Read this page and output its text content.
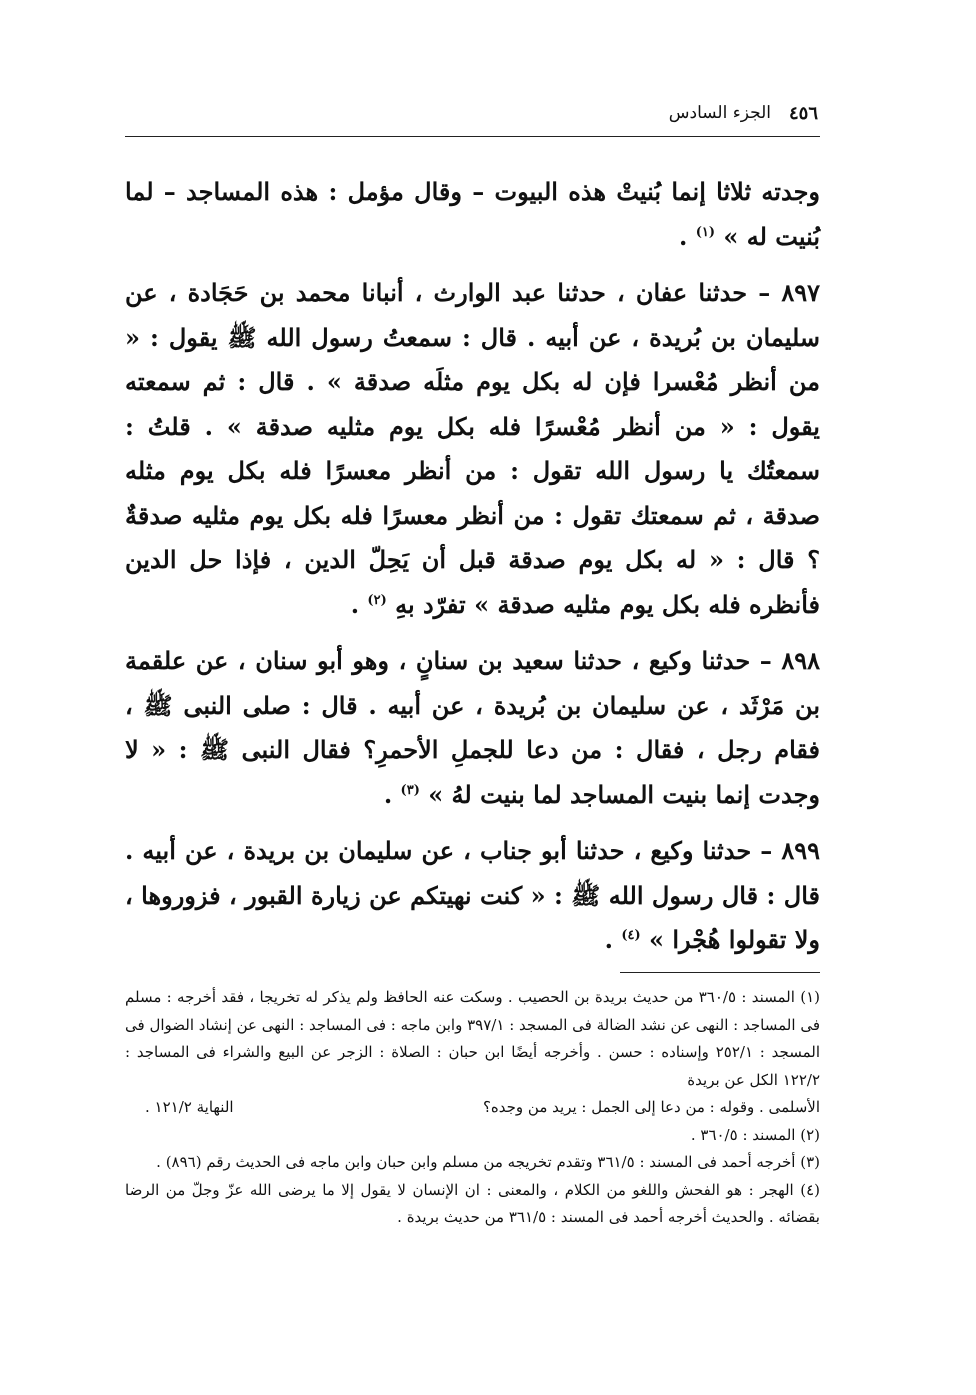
٤٥٦
الجزء السادس

وجدته ثلاثا إنما بُنيتْ هذه البيوت – وقال مؤمل : هذه المساجد – لما بُنيت له » $^{(١)}$ .

٨٩٧ – حدثنا عفان ، حدثنا عبد الوارث ، أنبانا محمد بن حَجَادة ، عن سليمان بن بُريدة ، عن أبيه . قال : سمعتُ رسول الله ﷺ يقول : « من أنظر مُعْسرا فإن له بكل يوم مثلَه صدقة » . قال : ثم سمعته يقول : « من أنظر مُعْسرًا فله بكل يوم مثليه صدقة » . قلتُ : سمعتُك يا رسول الله تقول : من أنظر معسرًا فله بكل يوم مثله صدقة ، ثم سمعتك تقول : من أنظر معسرًا فله بكل يوم مثليه صدقةٌ ؟ قال : « له بكل يوم صدقة قبل أن يَحِلّ الدين ، فإذا حل الدين فأنظره فله بكل يوم مثليه صدقة » تفرّد بهِ $^{(٢)}$ .

٨٩٨ – حدثنا وكيع ، حدثنا سعيد بن سنانٍ ، وهو أبو سنان ، عن علقمة بن مَرْثَد ، عن سليمان بن بُريدة ، عن أبيه . قال : صلى النبى ﷺ ، فقام رجل ، فقال : من دعا للجملِ الأحمرِ؟ فقال النبى ﷺ : « لا وجدت إنما بنيت المساجد لما بنيت لهُ » $^{(٣)}$ .

٨٩٩ – حدثنا وكيع ، حدثنا أبو جناب ، عن سليمان بن بريدة ، عن أبيه . قال : قال رسول الله ﷺ : « كنت نهيتكم عن زيارة القبور ، فزوروها ، ولا تقولوا هُجْرا » $^{(٤)}$ .

(١) المسند : ٣٦٠/٥ من حديث بريدة بن الحصيب . وسكت عنه الحافظ ولم يذكر له تخريجا ، فقد أخرجه : مسلم فى المساجد : النهى عن نشد الضالة فى المسجد : ٣٩٧/١ وابن ماجه : فى المساجد : النهى عن إنشاد الضوال فى المسجد : ٢٥٢/١ وإسناده : حسن . وأخرجه أيضًا ابن حبان : الصلاة : الزجر عن البيع والشراء فى المساجد : ١٢٢/٢ الكل عن بريدة

الأسلمى . وقوله : من دعا إلى الجمل : يريد من وجده؟
النهاية ١٢١/٢ .

(٢) المسند : ٣٦٠/٥ .

(٣) أخرجه أحمد فى المسند : ٣٦١/٥ وتقدم تخريجه من مسلم وابن حبان وابن ماجه فى الحديث رقم (٨٩٦) .

(٤) الهجر : هو الفحش واللغو من الكلام ، والمعنى : ان الإنسان لا يقول إلا ما يرضى الله عزّ وجلّ من الرضا بقضائه . والحديث أخرجه أحمد فى المسند : ٣٦١/٥ من حديث بريدة .
